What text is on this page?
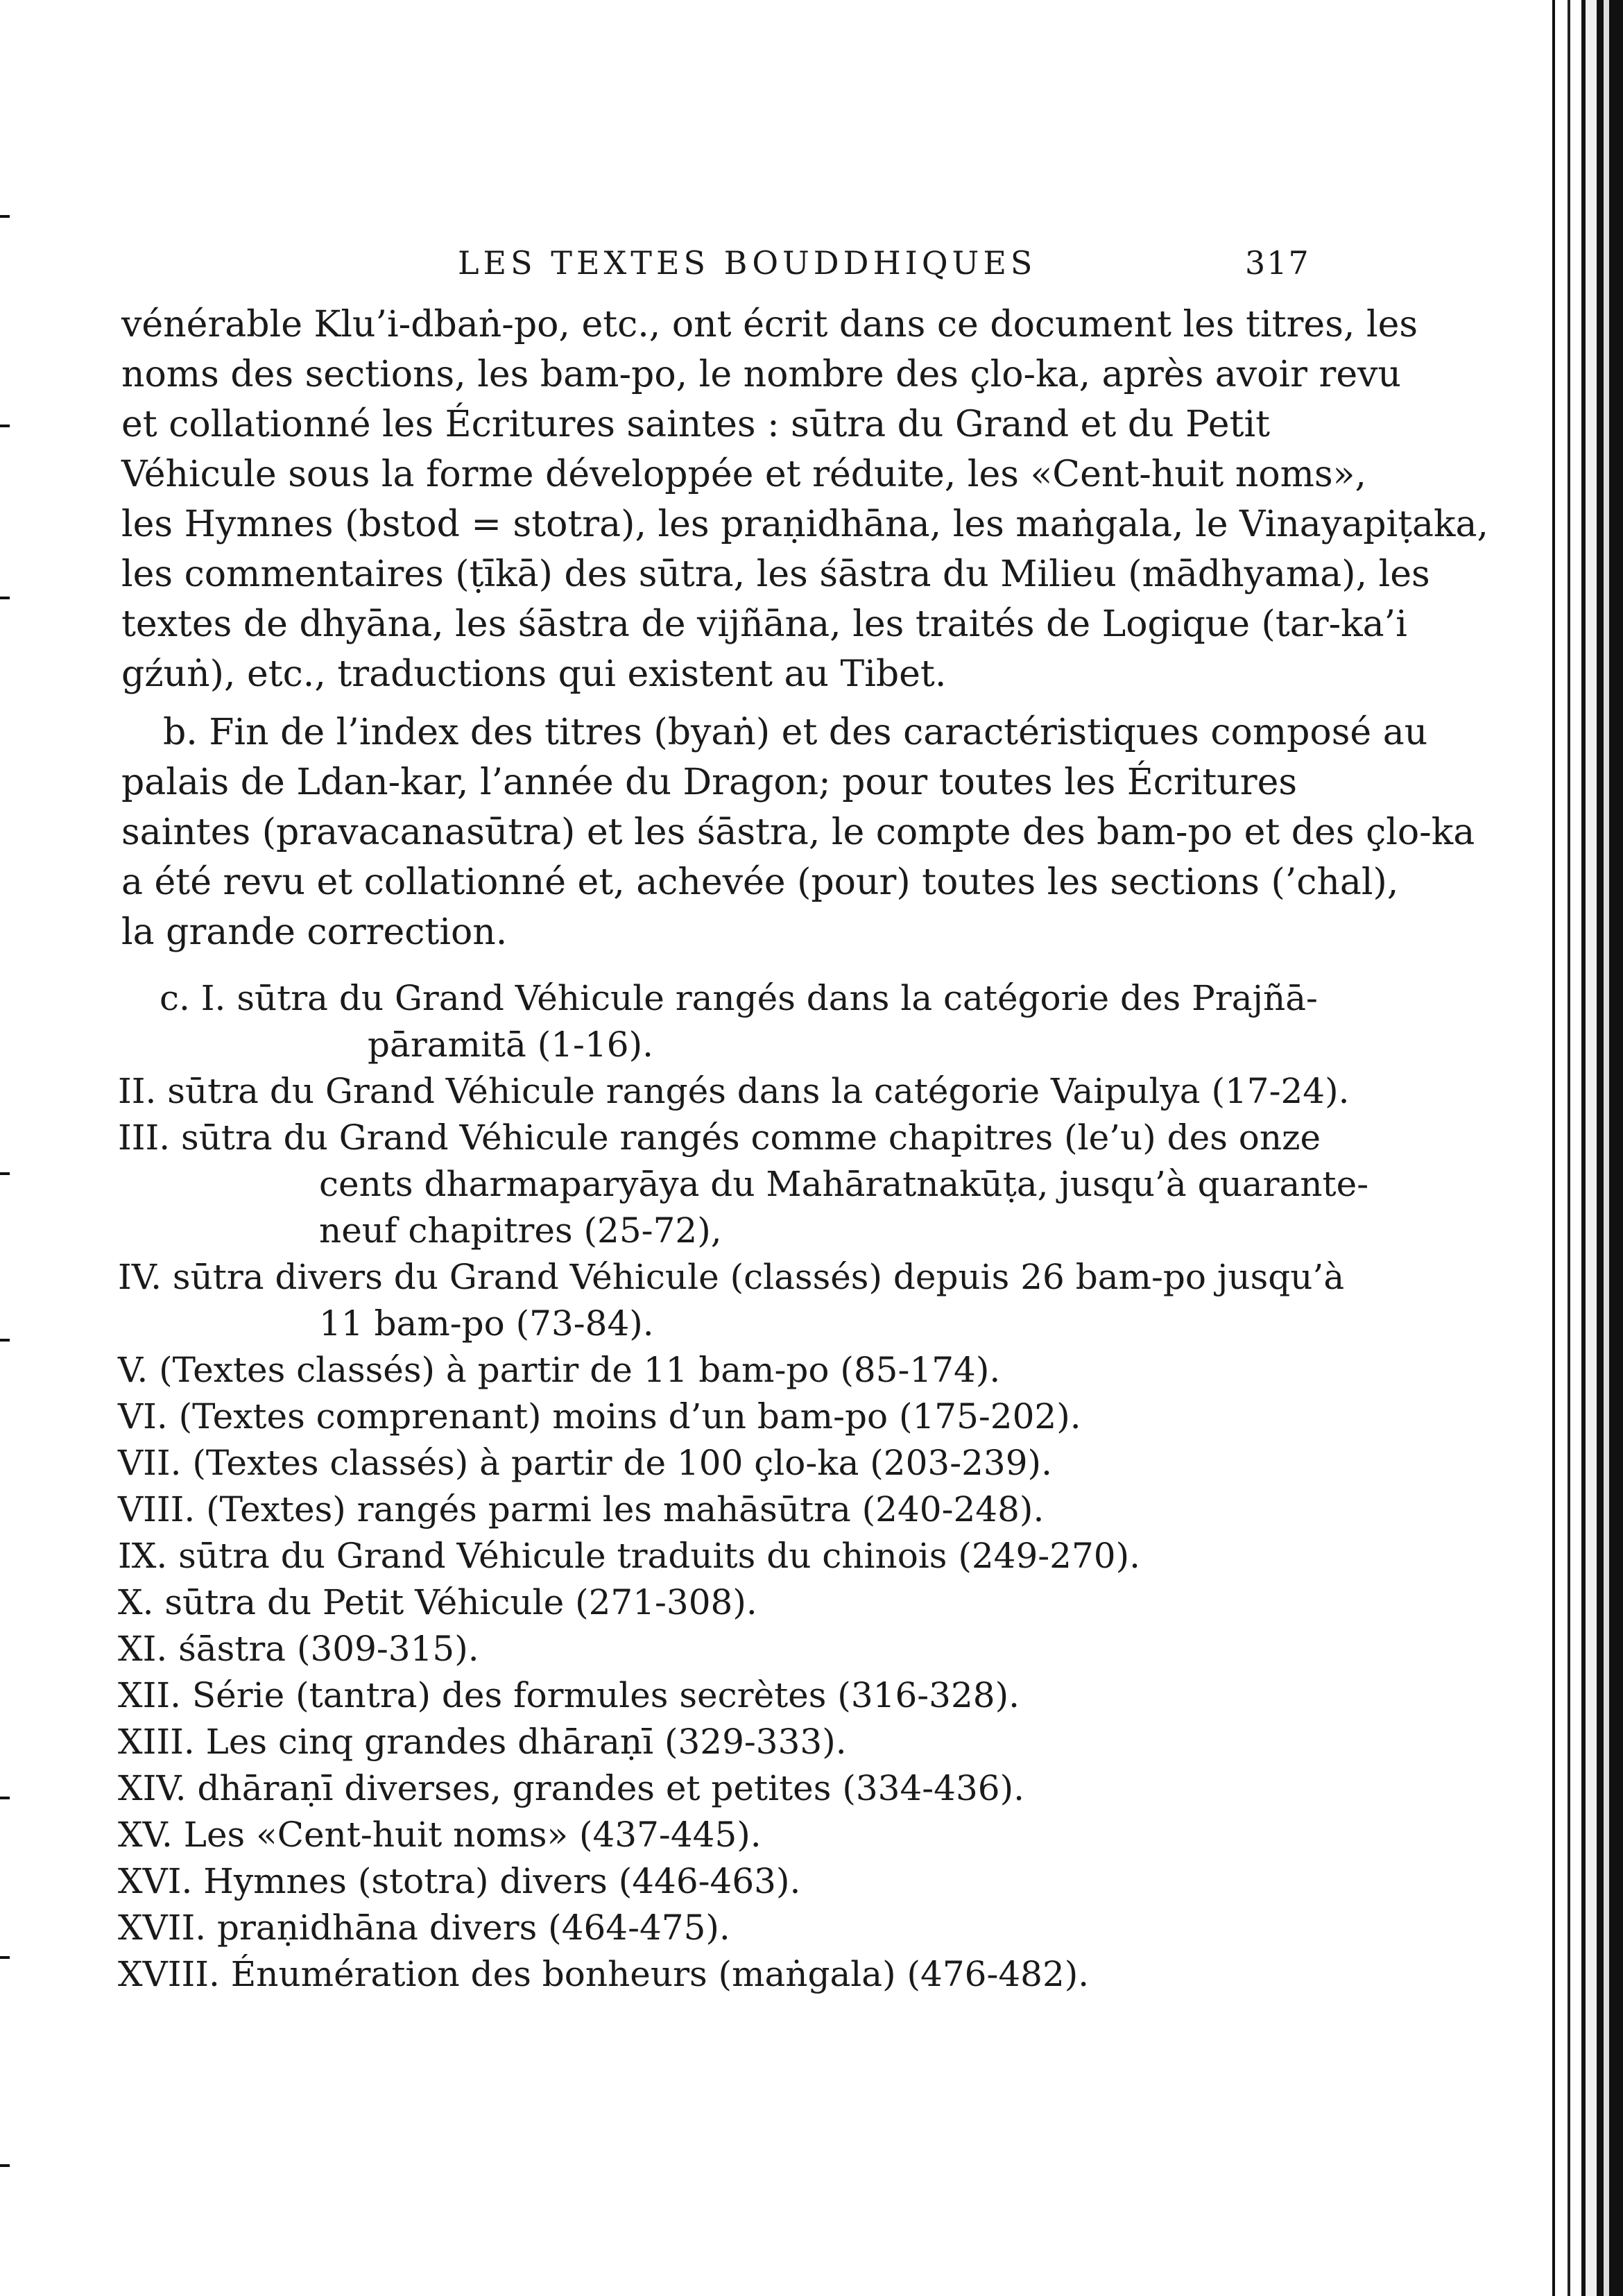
LES TEXTES BOUDDHIQUES	317
vénérable Klu’i-dbaṅ-po, etc., ont écrit dans ce document les titres, les
noms des sections, les bam-po, le nombre des çlo-ka, après avoir revu
et collationné les Écritures saintes : sūtra du Grand et du Petit
Véhicule sous la forme développée et réduite, les «Cent-huit noms»,
les Hymnes (bstod = stotra), les praṇidhāna, les maṅgala, le Vinayapiṭaka,
les commentaires (ṭīkā) des sūtra, les śāstra du Milieu (mādhyama), les
textes de dhyāna, les śāstra de vijñāna, les traités de Logique (tar-ka’i
gźuṅ), etc., traductions qui existent au Tibet.
b. Fin de l’index des titres (byaṅ) et des caractéristiques composé au
palais de Ldan-kar, l’année du Dragon; pour toutes les Écritures
saintes (pravacanasūtra) et les śāstra, le compte des bam-po et des çlo-ka
a été revu et collationné et, achevée (pour) toutes les sections (’chal),
la grande correction.
c. I. sūtra du Grand Véhicule rangés dans la catégorie des Prajñā-
pāramitā (1-16).
II. sūtra du Grand Véhicule rangés dans la catégorie Vaipulya (17-24).
III. sūtra du Grand Véhicule rangés comme chapitres (le’u) des onze
cents dharmaparyāya du Mahāratnakūṭa, jusqu’à quarante-
neuf chapitres (25-72),
IV. sūtra divers du Grand Véhicule (classés) depuis 26 bam-po jusqu’à
11 bam-po (73-84).
V. (Textes classés) à partir de 11 bam-po (85-174).
VI. (Textes comprenant) moins d’un bam-po (175-202).
VII. (Textes classés) à partir de 100 çlo-ka (203-239).
VIII. (Textes) rangés parmi les mahāsūtra (240-248).
IX. sūtra du Grand Véhicule traduits du chinois (249-270).
X. sūtra du Petit Véhicule (271-308).
XI. śāstra (309-315).
XII. Série (tantra) des formules secrètes (316-328).
XIII. Les cinq grandes dhāraṇī (329-333).
XIV. dhāraṇī diverses, grandes et petites (334-436).
XV. Les «Cent-huit noms» (437-445).
XVI. Hymnes (stotra) divers (446-463).
XVII. praṇidhāna divers (464-475).
XVIII. Énumération des bonheurs (maṅgala) (476-482).
